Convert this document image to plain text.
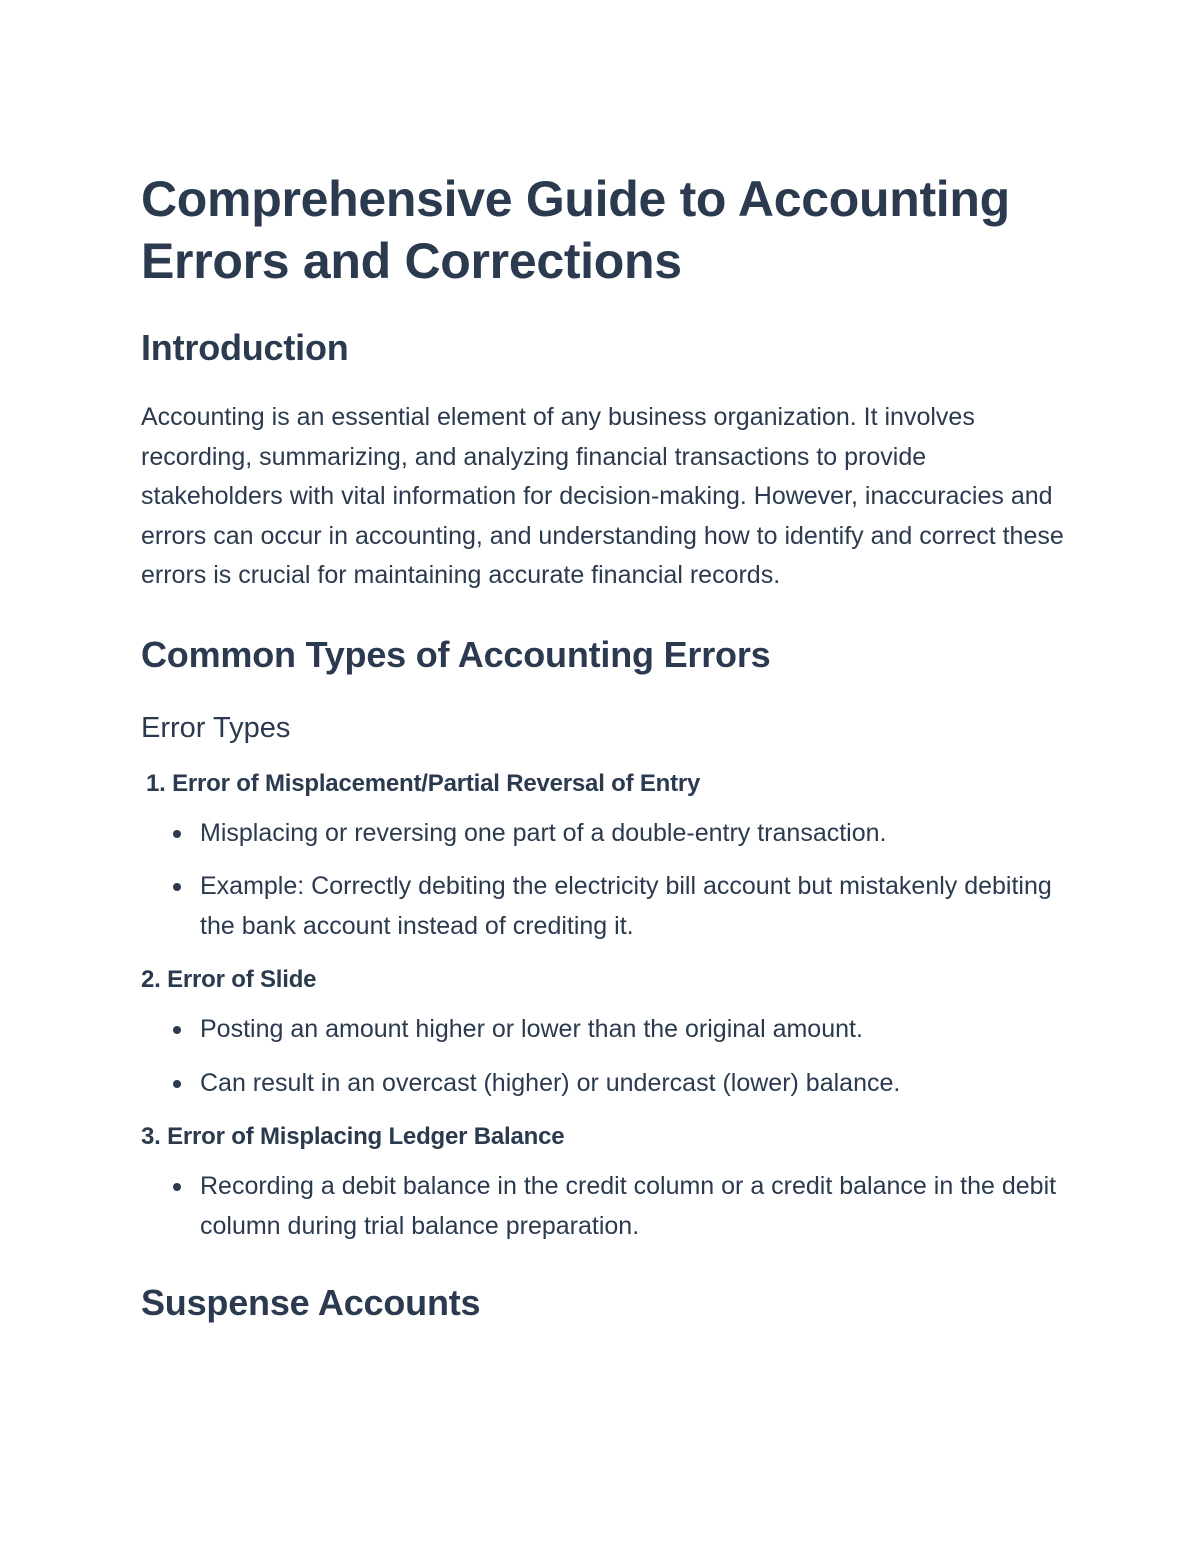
Comprehensive Guide to Accounting Errors and Corrections
Introduction

Accounting is an essential element of any business organization. It involves recording, summarizing, and analyzing financial transactions to provide stakeholders with vital information for decision-making. However, inaccuracies and errors can occur in accounting, and understanding how to identify and correct these errors is crucial for maintaining accurate financial records.

Common Types of Accounting Errors
Error Types
1. Error of Misplacement/Partial Reversal of Entry
Misplacing or reversing one part of a double-entry transaction.
Example: Correctly debiting the electricity bill account but mistakenly debiting the bank account instead of crediting it.
2. Error of Slide
Posting an amount higher or lower than the original amount.
Can result in an overcast (higher) or undercast (lower) balance.
3. Error of Misplacing Ledger Balance
Recording a debit balance in the credit column or a credit balance in the debit column during trial balance preparation.
Suspense Accounts
